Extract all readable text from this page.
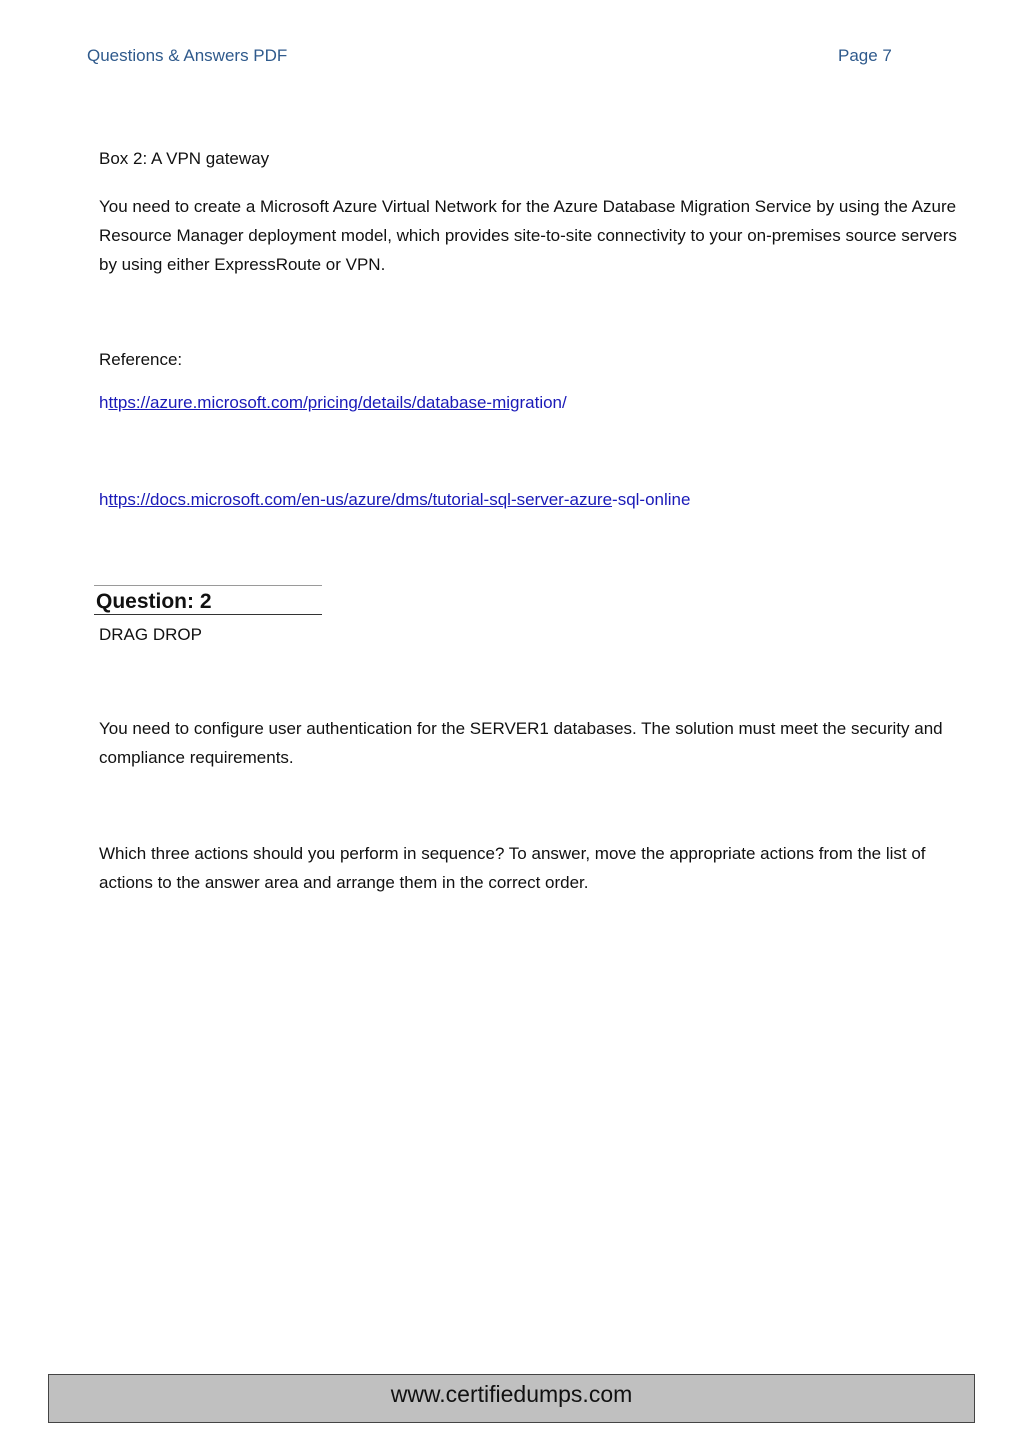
Questions & Answers PDF	Page 7
Box 2: A VPN gateway
You need to create a Microsoft Azure Virtual Network for the Azure Database Migration Service by using the Azure Resource Manager deployment model, which provides site-to-site connectivity to your on-premises source servers by using either ExpressRoute or VPN.
Reference:
https://azure.microsoft.com/pricing/details/database-migration/
https://docs.microsoft.com/en-us/azure/dms/tutorial-sql-server-azure-sql-online
Question: 2
DRAG DROP
You need to configure user authentication for the SERVER1 databases. The solution must meet the security and compliance requirements.
Which three actions should you perform in sequence? To answer, move the appropriate actions from the list of actions to the answer area and arrange them in the correct order.
www.certifiedumps.com
